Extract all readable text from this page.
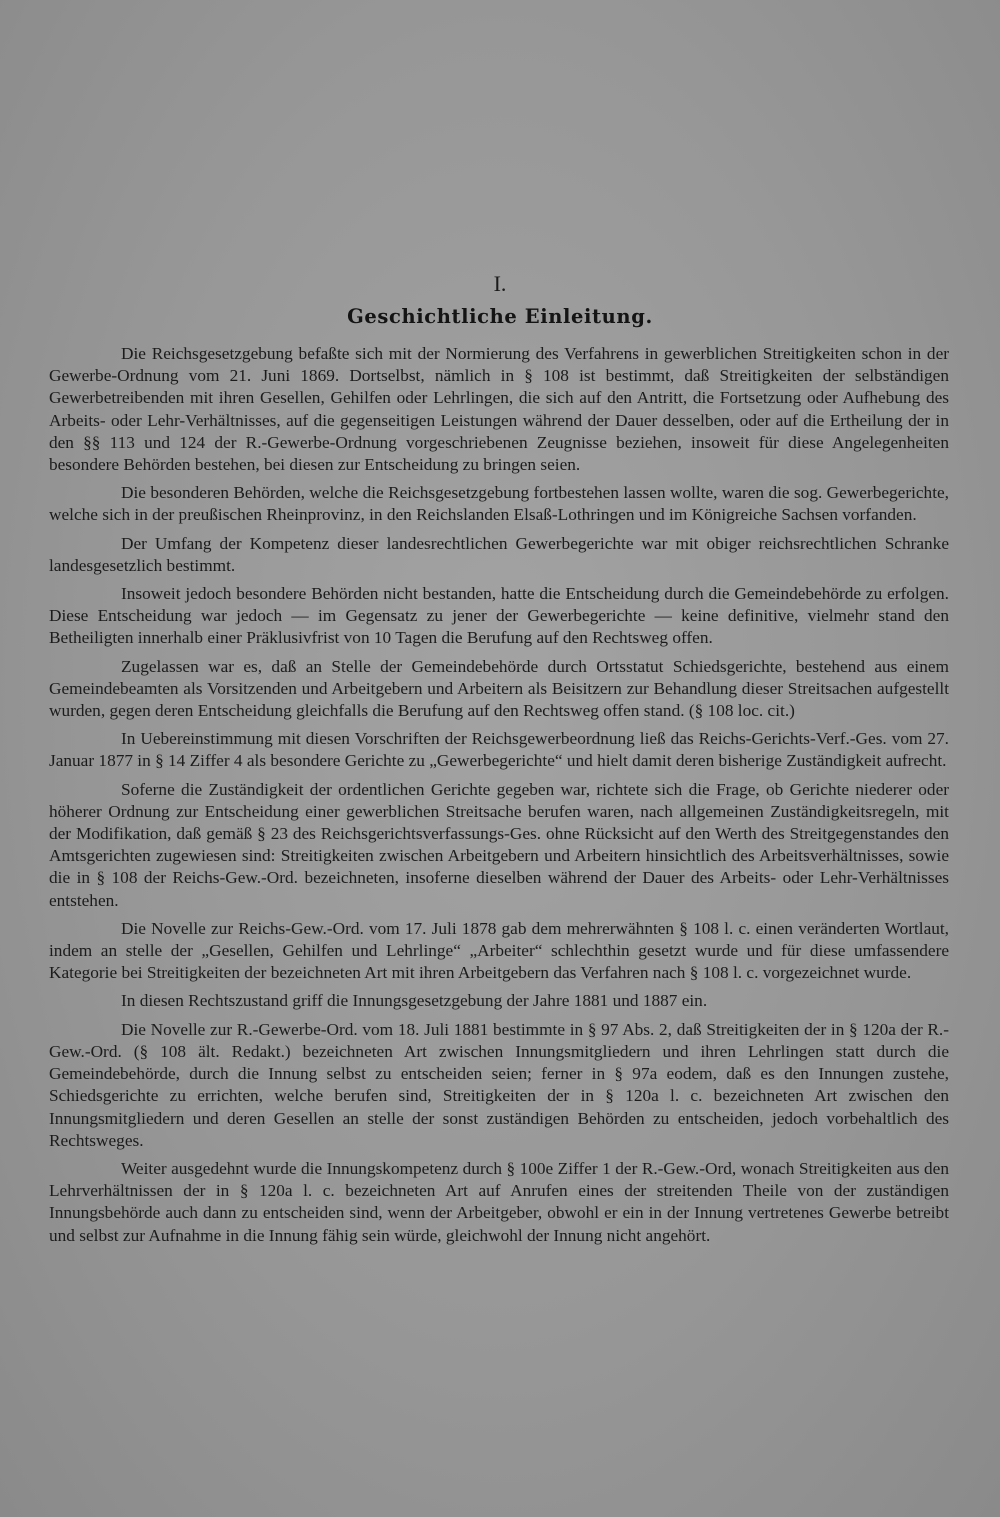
I.
Geschichtliche Einleitung.

Die Reichsgesetzgebung befaßte sich mit der Normierung des Verfahrens in gewerblichen Streitigkeiten schon in der Gewerbe-Ordnung vom 21. Juni 1869. Dortselbst, nämlich in § 108 ist bestimmt, daß Streitigkeiten der selbständigen Gewerbetreibenden mit ihren Gesellen, Gehilfen oder Lehrlingen, die sich auf den Antritt, die Fortsetzung oder Aufhebung des Arbeits- oder Lehr-Verhältnisses, auf die gegenseitigen Leistungen während der Dauer desselben, oder auf die Ertheilung der in den §§ 113 und 124 der R.-Gewerbe-Ordnung vorgeschriebenen Zeugnisse beziehen, insoweit für diese Angelegenheiten besondere Behörden bestehen, bei diesen zur Entscheidung zu bringen seien.

Die besonderen Behörden, welche die Reichsgesetzgebung fortbestehen lassen wollte, waren die sog. Gewerbegerichte, welche sich in der preußischen Rheinprovinz, in den Reichslanden Elsaß-Lothringen und im Königreiche Sachsen vorfanden.

Der Umfang der Kompetenz dieser landesrechtlichen Gewerbegerichte war mit obiger reichsrechtlichen Schranke landesgesetzlich bestimmt.

Insoweit jedoch besondere Behörden nicht bestanden, hatte die Entscheidung durch die Gemeindebehörde zu erfolgen. Diese Entscheidung war jedoch — im Gegensatz zu jener der Gewerbegerichte — keine definitive, vielmehr stand den Betheiligten innerhalb einer Präklusivfrist von 10 Tagen die Berufung auf den Rechtsweg offen.

Zugelassen war es, daß an Stelle der Gemeindebehörde durch Ortsstatut Schiedsgerichte, bestehend aus einem Gemeindebeamten als Vorsitzenden und Arbeitgebern und Arbeitern als Beisitzern zur Behandlung dieser Streitsachen aufgestellt wurden, gegen deren Entscheidung gleichfalls die Berufung auf den Rechtsweg offen stand. (§ 108 loc. cit.)

In Uebereinstimmung mit diesen Vorschriften der Reichsgewerbeordnung ließ das Reichs-Gerichts-Verf.-Ges. vom 27. Januar 1877 in § 14 Ziffer 4 als besondere Gerichte zu „Gewerbegerichte“ und hielt damit deren bisherige Zuständigkeit aufrecht.

Soferne die Zuständigkeit der ordentlichen Gerichte gegeben war, richtete sich die Frage, ob Gerichte niederer oder höherer Ordnung zur Entscheidung einer gewerblichen Streitsache berufen waren, nach allgemeinen Zuständigkeitsregeln, mit der Modifikation, daß gemäß § 23 des Reichsgerichtsverfassungs-Ges. ohne Rücksicht auf den Werth des Streitgegenstandes den Amtsgerichten zugewiesen sind: Streitigkeiten zwischen Arbeitgebern und Arbeitern hinsichtlich des Arbeitsverhältnisses, sowie die in § 108 der Reichs-Gew.-Ord. bezeichneten, insoferne dieselben während der Dauer des Arbeits- oder Lehr-Verhältnisses entstehen.

Die Novelle zur Reichs-Gew.-Ord. vom 17. Juli 1878 gab dem mehrerwähnten § 108 l. c. einen veränderten Wortlaut, indem an stelle der „Gesellen, Gehilfen und Lehrlinge“ „Arbeiter“ schlechthin gesetzt wurde und für diese umfassendere Kategorie bei Streitigkeiten der bezeichneten Art mit ihren Arbeitgebern das Verfahren nach § 108 l. c. vorgezeichnet wurde.

In diesen Rechtszustand griff die Innungsgesetzgebung der Jahre 1881 und 1887 ein.

Die Novelle zur R.-Gewerbe-Ord. vom 18. Juli 1881 bestimmte in § 97 Abs. 2, daß Streitigkeiten der in § 120a der R.-Gew.-Ord. (§ 108 ält. Redakt.) bezeichneten Art zwischen Innungsmitgliedern und ihren Lehrlingen statt durch die Gemeindebehörde, durch die Innung selbst zu entscheiden seien; ferner in § 97a eodem, daß es den Innungen zustehe, Schiedsgerichte zu errichten, welche berufen sind, Streitigkeiten der in § 120a l. c. bezeichneten Art zwischen den Innungsmitgliedern und deren Gesellen an stelle der sonst zuständigen Behörden zu entscheiden, jedoch vorbehaltlich des Rechtsweges.

Weiter ausgedehnt wurde die Innungskompetenz durch § 100e Ziffer 1 der R.-Gew.-Ord, wonach Streitigkeiten aus den Lehrverhältnissen der in § 120a l. c. bezeichneten Art auf Anrufen eines der streitenden Theile von der zuständigen Innungsbehörde auch dann zu entscheiden sind, wenn der Arbeitgeber, obwohl er ein in der Innung vertretenes Gewerbe betreibt und selbst zur Aufnahme in die Innung fähig sein würde, gleichwohl der Innung nicht angehört.
